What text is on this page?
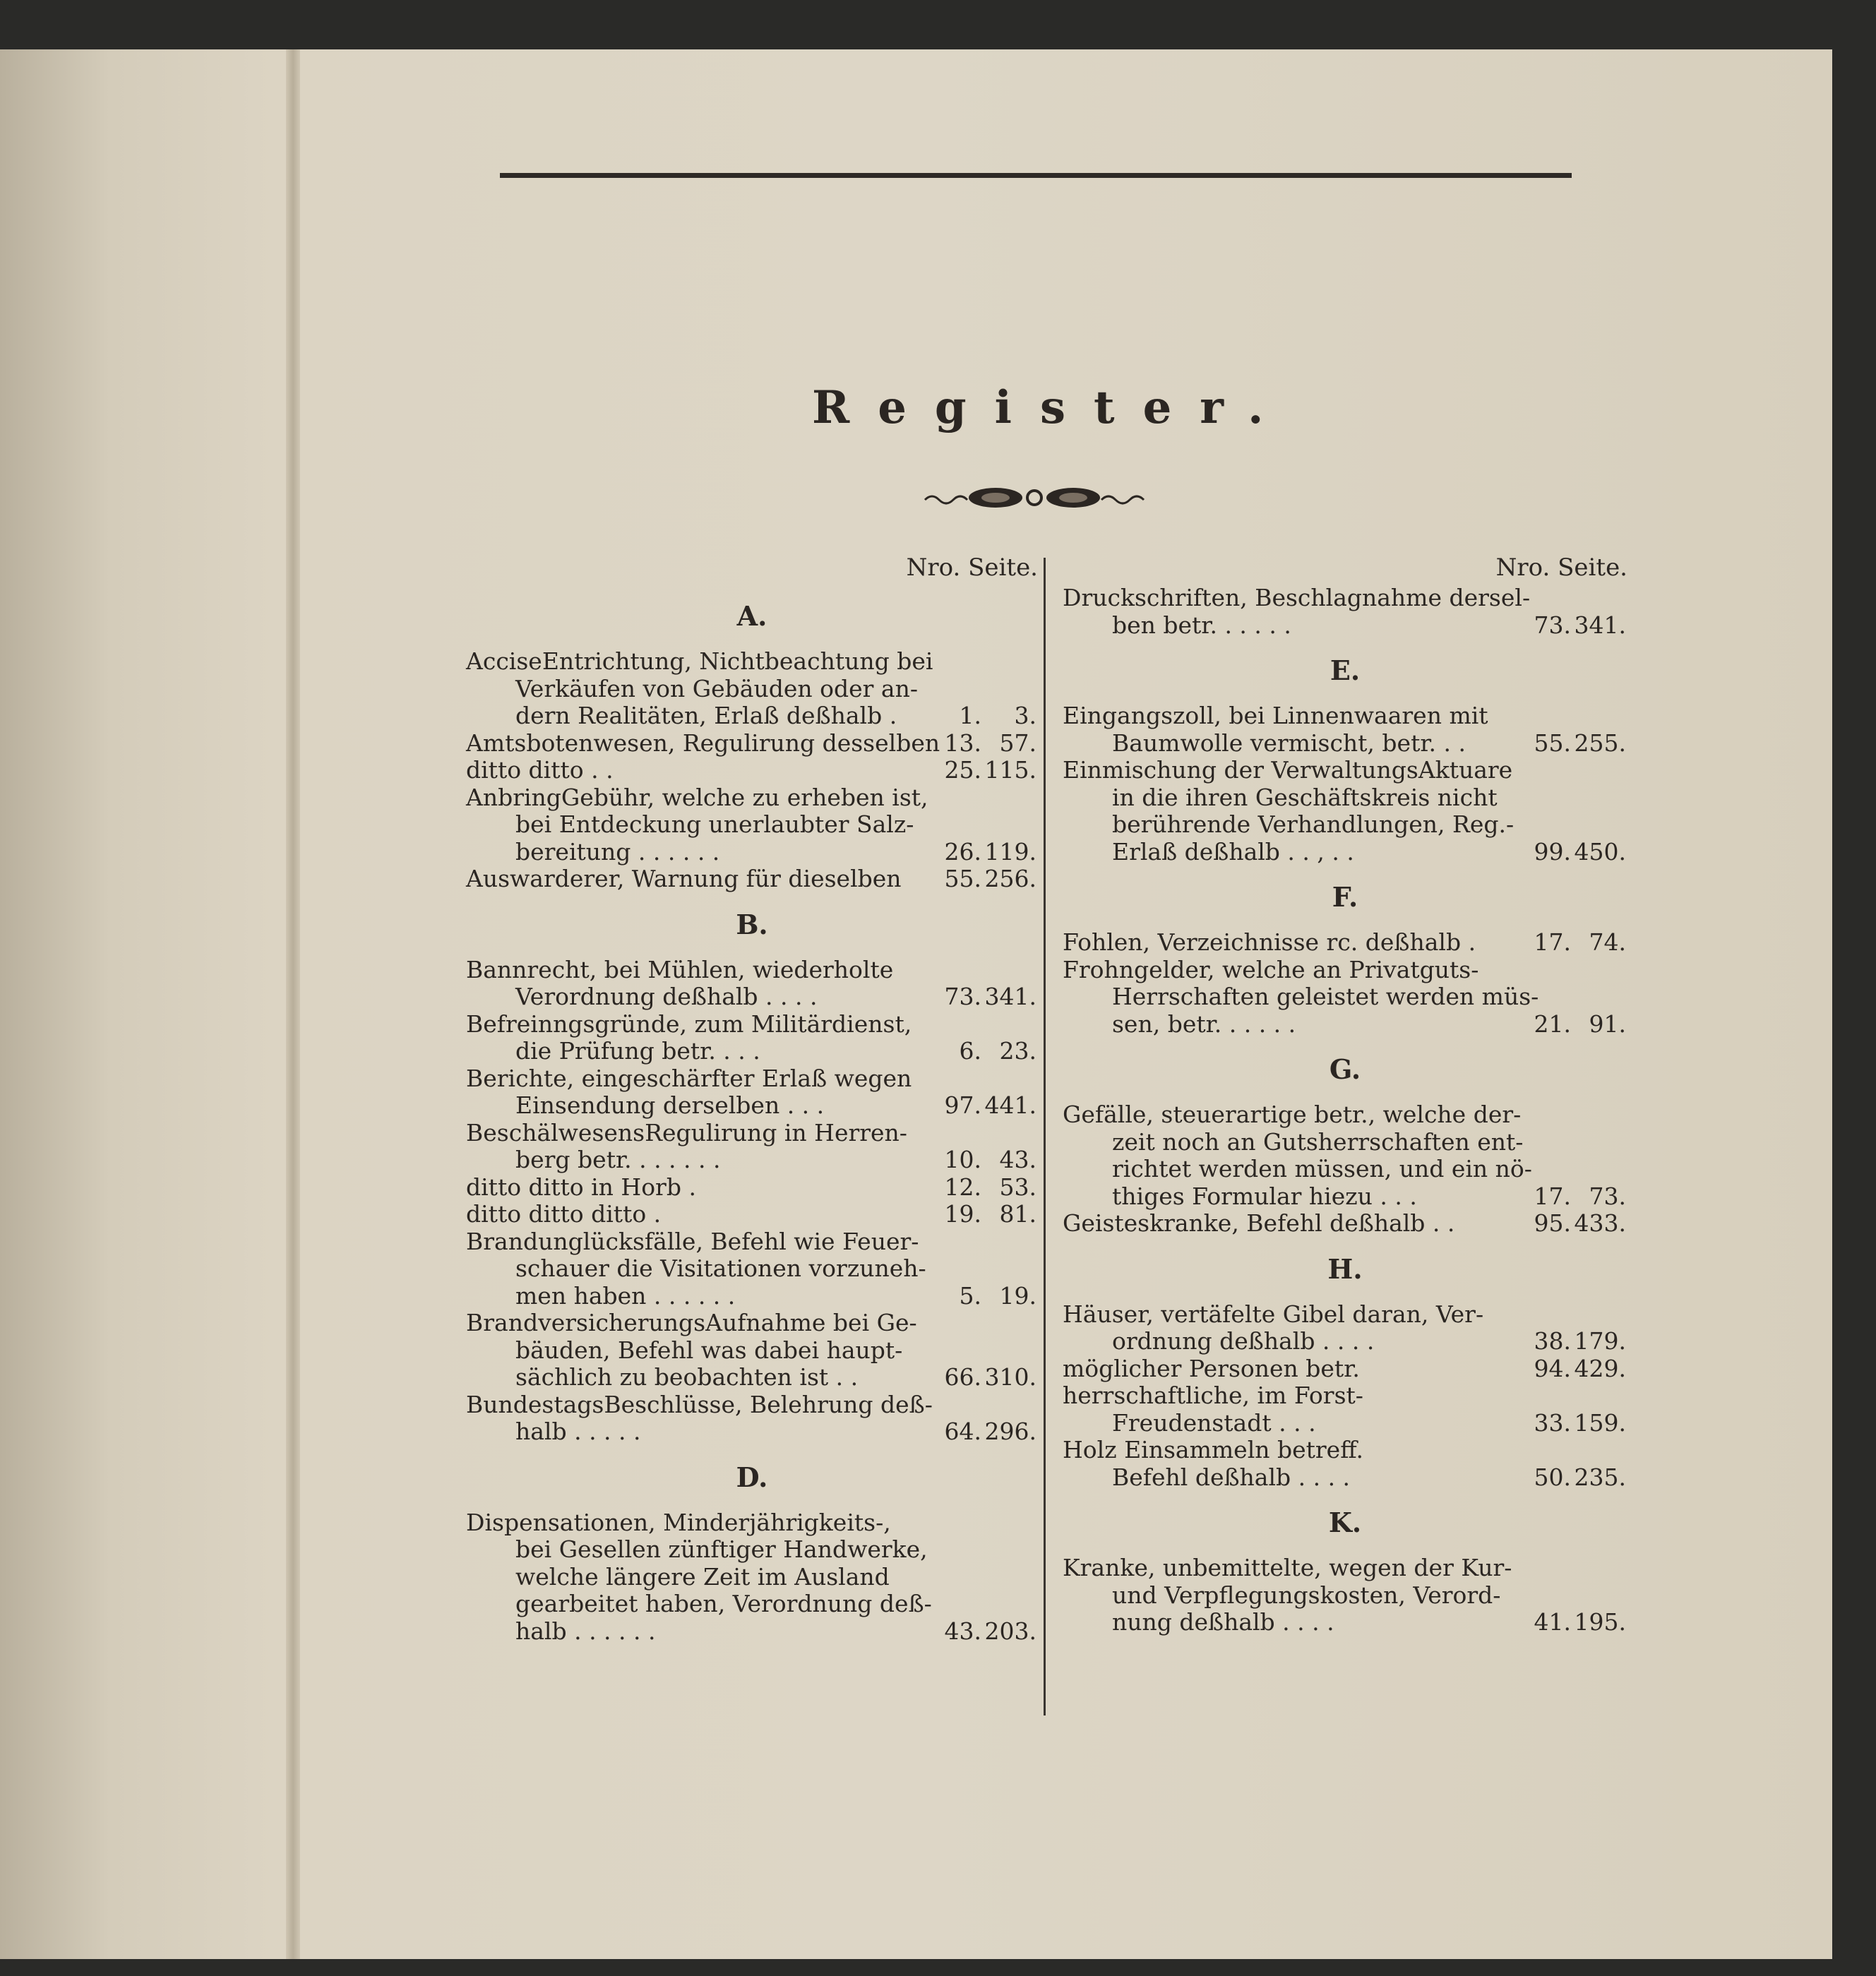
Register.
Nro. Seite.
A.
AcciseEntrichtung, Nichtbeachtung bei
Verkäufen von Gebäuden oder an-
dern Realitäten, Erlaß deßhalb .	1. 3.
Amtsbotenwesen, Regulirung desselben 13. 57.
ditto ditto . .	25. 115.
AnbringGebühr, welche zu erheben ist,
bei Entdeckung unerlaubter Salz-
bereitung . . . . . .	26. 119.
Auswarderer, Warnung für dieselben	55. 256.
B.
Bannrecht, bei Mühlen, wiederholte
Verordnung deßhalb . . . .	73. 341.
Befreinngsgründe, zum Militärdienst,
die Prüfung betr. . . .	6. 23.
Berichte, eingeschärfter Erlaß wegen
Einsendung derselben . . .	97. 441.
BeschälwesensRegulirung in Herren-
berg betr. . . . . . .	10. 43.
ditto ditto in Horb .	12. 53.
ditto ditto ditto .	19. 81.
Brandunglücksfälle, Befehl wie Feuer-
schauer die Visitationen vorzuneh-
men haben . . . . . .	5. 19.
BrandversicherungsAufnahme bei Ge-
bäuden, Befehl was dabei haupt-
sächlich zu beobachten ist . .	66. 310.
BundestagsBeschlüsse, Belehrung deß-
halb . . . . .	64. 296.
D.
Dispensationen, Minderjährigkeits-,
bei Gesellen zünftiger Handwerke,
welche längere Zeit im Ausland
gearbeitet haben, Verordnung deß-
halb . . . . . .	43. 203.
Nro. Seite.
Druckschriften, Beschlagnahme dersel-
ben betr. . . . . .	73. 341.
E.
Eingangszoll, bei Linnenwaaren mit
Baumwolle vermischt, betr. . .	55. 255.
Einmischung der VerwaltungsAktuare
in die ihren Geschäftskreis nicht
berührende Verhandlungen, Reg.-
Erlaß deßhalb . . , . .	99. 450.
F.
Fohlen, Verzeichnisse rc. deßhalb .	17. 74.
Frohngelder, welche an Privatguts-
Herrschaften geleistet werden müs-
sen, betr. . . . . .	21. 91.
G.
Gefälle, steuerartige betr., welche der-
zeit noch an Gutsherrschaften ent-
richtet werden müssen, und ein nö-
thiges Formular hiezu . . .	17. 73.
Geisteskranke, Befehl deßhalb . .	95. 433.
H.
Häuser, vertäfelte Gibel daran, Ver-
ordnung deßhalb . . . .	38. 179.
möglicher Personen betr.	94. 429.
herrschaftliche, im Forst-
Freudenstadt . . .	33. 159.
Holz Einsammeln betreff.
Befehl deßhalb . . . .	50. 235.
K.
Kranke, unbemittelte, wegen der Kur-
und Verpflegungskosten, Verord-
nung deßhalb . . . .	41. 195.
